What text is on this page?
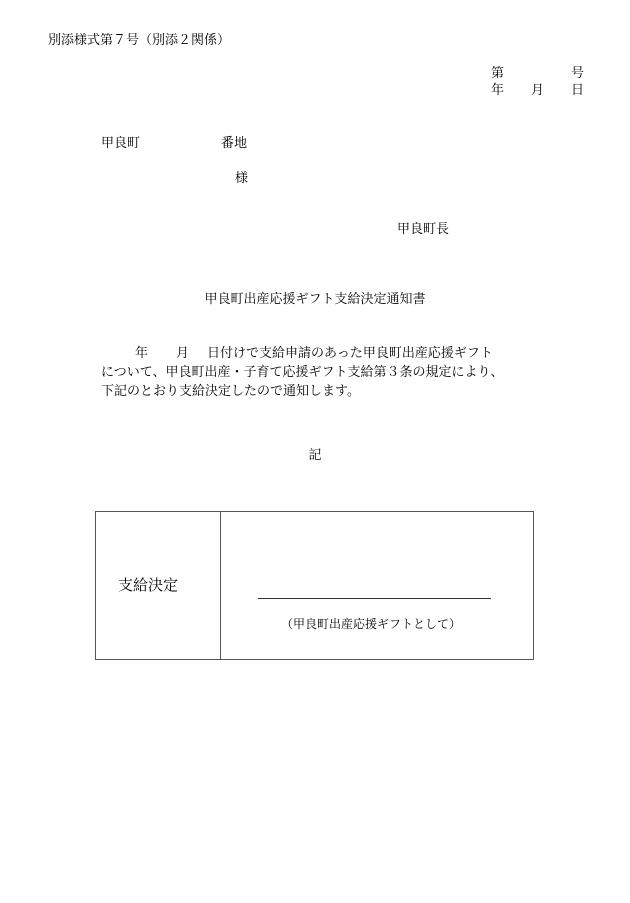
別添様式第７号（別添２関係）
第	号
年 月 日
甲良町	番地
様
甲良町長
甲良町出産応援ギフト支給決定通知書
年 月 日付けで支給申請のあった甲良町出産応援ギフト
について、甲良町出産・子育て応援ギフト支給第３条の規定により、
下記のとおり支給決定したので通知します。
記
支給決定
（甲良町出産応援ギフトとして）
